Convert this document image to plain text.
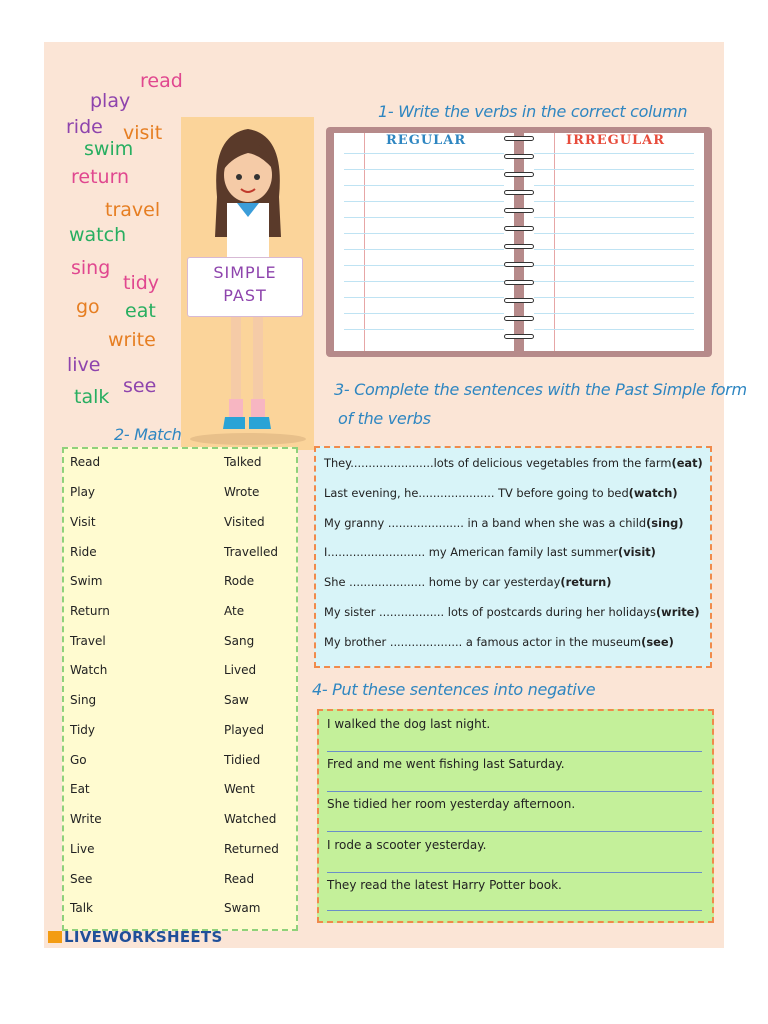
read
play
ride visit
swim
return
travel
watch
sing
tidy
go eat
write
live
talk see
SIMPLE
PAST
1- Write the verbs in the correct column
REGULAR	IRREGULAR
3- Complete the sentences with the Past Simple form
of the verbs
2- Match
Read
Play
Visit
Ride
Swim
Return
Travel
Watch
Sing
Tidy
Go
Eat
Write
Live
See
Talk
Talked
Wrote
Visited
Travelled
Rode
Ate
Sang
Lived
Saw
Played
Tidied
Went
Watched
Returned
Read
Swam
They.......................lots of delicious vegetables from the farm(eat)
Last evening, he..................... TV before going to bed(watch)
My granny ..................... in a band when she was a child(sing)
I........................... my American family last summer(visit)
She ..................... home by car yesterday(return)
My sister .................. lots of postcards during her holidays(write)
My brother .................... a famous actor in the museum(see)
4- Put these sentences into negative
I walked the dog last night.
Fred and me went fishing last Saturday.
She tidied her room yesterday afternoon.
I rode a scooter yesterday.
They read the latest Harry Potter book.
LIVEWORKSHEETS
